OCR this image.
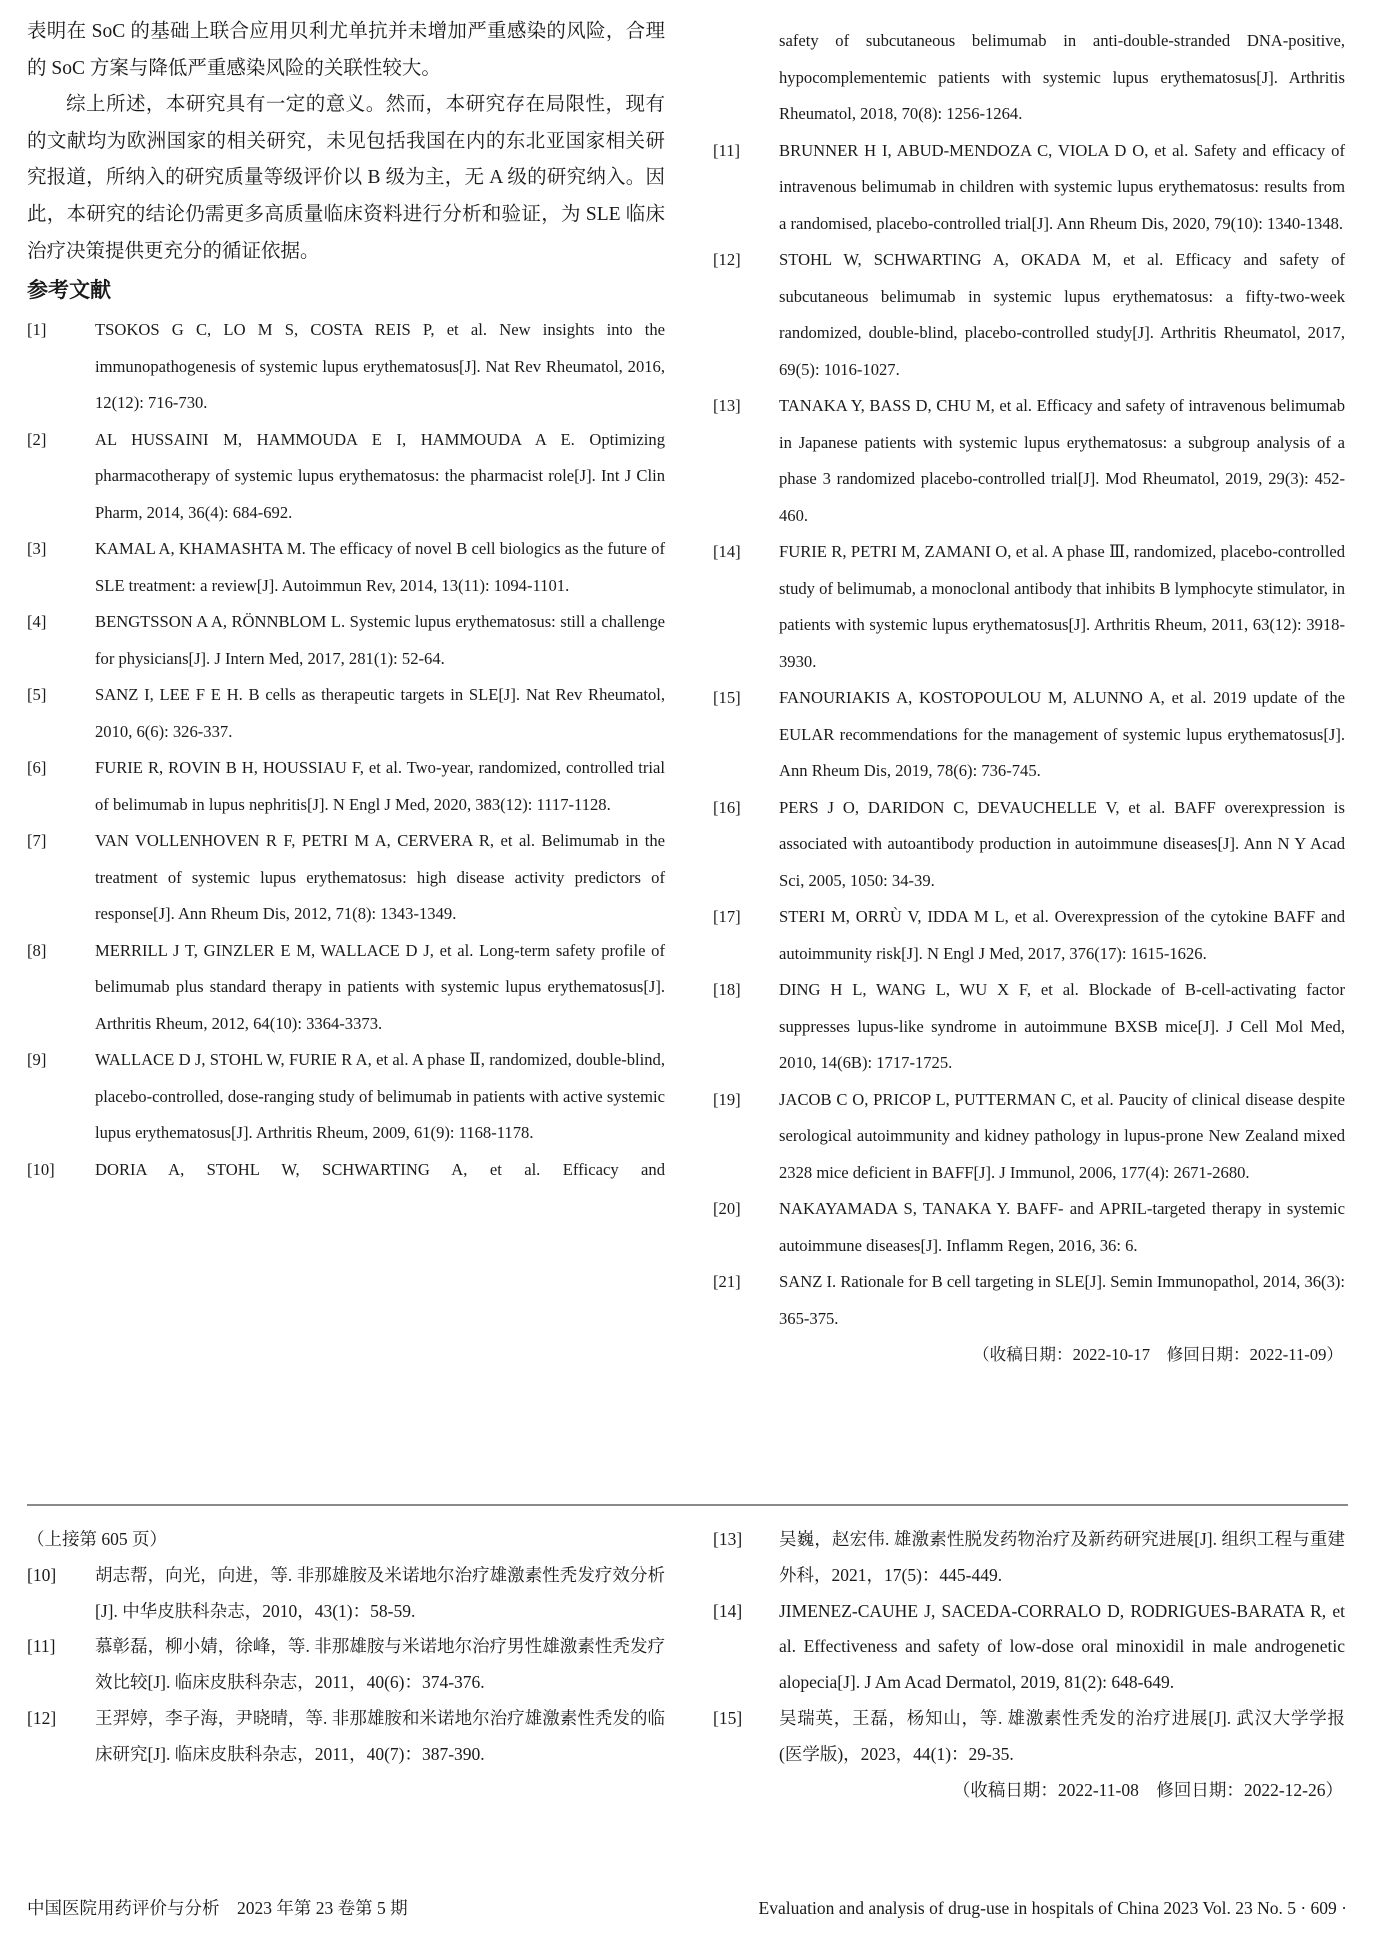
表明在 SoC 的基础上联合应用贝利尤单抗并未增加严重感染的风险，合理的 SoC 方案与降低严重感染风险的关联性较大。

综上所述，本研究具有一定的意义。然而，本研究存在局限性，现有的文献均为欧洲国家的相关研究，未见包括我国在内的东北亚国家相关研究报道，所纳入的研究质量等级评价以 B 级为主，无 A 级的研究纳入。因此，本研究的结论仍需更多高质量临床资料进行分析和验证，为 SLE 临床治疗决策提供更充分的循证依据。

参考文献

[1]	TSOKOS G C, LO M S, COSTA REIS P, et al. New insights into the immunopathogenesis of systemic lupus erythematosus[J]. Nat Rev Rheumatol, 2016, 12(12): 716-730.
[2]	AL HUSSAINI M, HAMMOUDA E I, HAMMOUDA A E. Optimizing pharmacotherapy of systemic lupus erythematosus: the pharmacist role[J]. Int J Clin Pharm, 2014, 36(4): 684-692.
[3]	KAMAL A, KHAMASHTA M. The efficacy of novel B cell biologics as the future of SLE treatment: a review[J]. Autoimmun Rev, 2014, 13(11): 1094-1101.
[4]	BENGTSSON A A, RÖNNBLOM L. Systemic lupus erythematosus: still a challenge for physicians[J]. J Intern Med, 2017, 281(1): 52-64.
[5]	SANZ I, LEE F E H. B cells as therapeutic targets in SLE[J]. Nat Rev Rheumatol, 2010, 6(6): 326-337.
[6]	FURIE R, ROVIN B H, HOUSSIAU F, et al. Two-year, randomized, controlled trial of belimumab in lupus nephritis[J]. N Engl J Med, 2020, 383(12): 1117-1128.
[7]	VAN VOLLENHOVEN R F, PETRI M A, CERVERA R, et al. Belimumab in the treatment of systemic lupus erythematosus: high disease activity predictors of response[J]. Ann Rheum Dis, 2012, 71(8): 1343-1349.
[8]	MERRILL J T, GINZLER E M, WALLACE D J, et al. Long-term safety profile of belimumab plus standard therapy in patients with systemic lupus erythematosus[J]. Arthritis Rheum, 2012, 64(10): 3364-3373.
[9]	WALLACE D J, STOHL W, FURIE R A, et al. A phase Ⅱ, randomized, double-blind, placebo-controlled, dose-ranging study of belimumab in patients with active systemic lupus erythematosus[J]. Arthritis Rheum, 2009, 61(9): 1168-1178.
[10]	DORIA A, STOHL W, SCHWARTING A, et al. Efficacy and
safety of subcutaneous belimumab in anti-double-stranded DNA-positive, hypocomplementemic patients with systemic lupus erythematosus[J]. Arthritis Rheumatol, 2018, 70(8): 1256-1264.
[11]	BRUNNER H I, ABUD-MENDOZA C, VIOLA D O, et al. Safety and efficacy of intravenous belimumab in children with systemic lupus erythematosus: results from a randomised, placebo-controlled trial[J]. Ann Rheum Dis, 2020, 79(10): 1340-1348.
[12]	STOHL W, SCHWARTING A, OKADA M, et al. Efficacy and safety of subcutaneous belimumab in systemic lupus erythematosus: a fifty-two-week randomized, double-blind, placebo-controlled study[J]. Arthritis Rheumatol, 2017, 69(5): 1016-1027.
[13]	TANAKA Y, BASS D, CHU M, et al. Efficacy and safety of intravenous belimumab in Japanese patients with systemic lupus erythematosus: a subgroup analysis of a phase 3 randomized placebo-controlled trial[J]. Mod Rheumatol, 2019, 29(3): 452-460.
[14]	FURIE R, PETRI M, ZAMANI O, et al. A phase Ⅲ, randomized, placebo-controlled study of belimumab, a monoclonal antibody that inhibits B lymphocyte stimulator, in patients with systemic lupus erythematosus[J]. Arthritis Rheum, 2011, 63(12): 3918-3930.
[15]	FANOURIAKIS A, KOSTOPOULOU M, ALUNNO A, et al. 2019 update of the EULAR recommendations for the management of systemic lupus erythematosus[J]. Ann Rheum Dis, 2019, 78(6): 736-745.
[16]	PERS J O, DARIDON C, DEVAUCHELLE V, et al. BAFF overexpression is associated with autoantibody production in autoimmune diseases[J]. Ann N Y Acad Sci, 2005, 1050: 34-39.
[17]	STERI M, ORRÙ V, IDDA M L, et al. Overexpression of the cytokine BAFF and autoimmunity risk[J]. N Engl J Med, 2017, 376(17): 1615-1626.
[18]	DING H L, WANG L, WU X F, et al. Blockade of B-cell-activating factor suppresses lupus-like syndrome in autoimmune BXSB mice[J]. J Cell Mol Med, 2010, 14(6B): 1717-1725.
[19]	JACOB C O, PRICOP L, PUTTERMAN C, et al. Paucity of clinical disease despite serological autoimmunity and kidney pathology in lupus-prone New Zealand mixed 2328 mice deficient in BAFF[J]. J Immunol, 2006, 177(4): 2671-2680.
[20]	NAKAYAMADA S, TANAKA Y. BAFF- and APRIL-targeted therapy in systemic autoimmune diseases[J]. Inflamm Regen, 2016, 36: 6.
[21]	SANZ I. Rationale for B cell targeting in SLE[J]. Semin Immunopathol, 2014, 36(3): 365-375.
（收稿日期：2022-10-17　修回日期：2022-11-09）
（上接第 605 页）
[10]	胡志帮，向光，向进，等. 非那雄胺及米诺地尔治疗雄激素性秃发疗效分析[J]. 中华皮肤科杂志，2010，43(1)：58-59.
[11]	慕彰磊，柳小婧，徐峰，等. 非那雄胺与米诺地尔治疗男性雄激素性秃发疗效比较[J]. 临床皮肤科杂志，2011，40(6)：374-376.
[12]	王羿婷，李子海，尹晓晴，等. 非那雄胺和米诺地尔治疗雄激素性秃发的临床研究[J]. 临床皮肤科杂志，2011，40(7)：387-390.
[13]	吴巍，赵宏伟. 雄激素性脱发药物治疗及新药研究进展[J]. 组织工程与重建外科，2021，17(5)：445-449.
[14]	JIMENEZ-CAUHE J, SACEDA-CORRALO D, RODRIGUES-BARATA R, et al. Effectiveness and safety of low-dose oral minoxidil in male androgenetic alopecia[J]. J Am Acad Dermatol, 2019, 81(2): 648-649.
[15]	吴瑞英，王磊，杨知山，等. 雄激素性秃发的治疗进展[J]. 武汉大学学报(医学版)，2023，44(1)：29-35.
（收稿日期：2022-11-08　修回日期：2022-12-26）
中国医院用药评价与分析　2023 年第 23 卷第 5 期	Evaluation and analysis of drug-use in hospitals of China 2023 Vol. 23 No. 5 · 609 ·
